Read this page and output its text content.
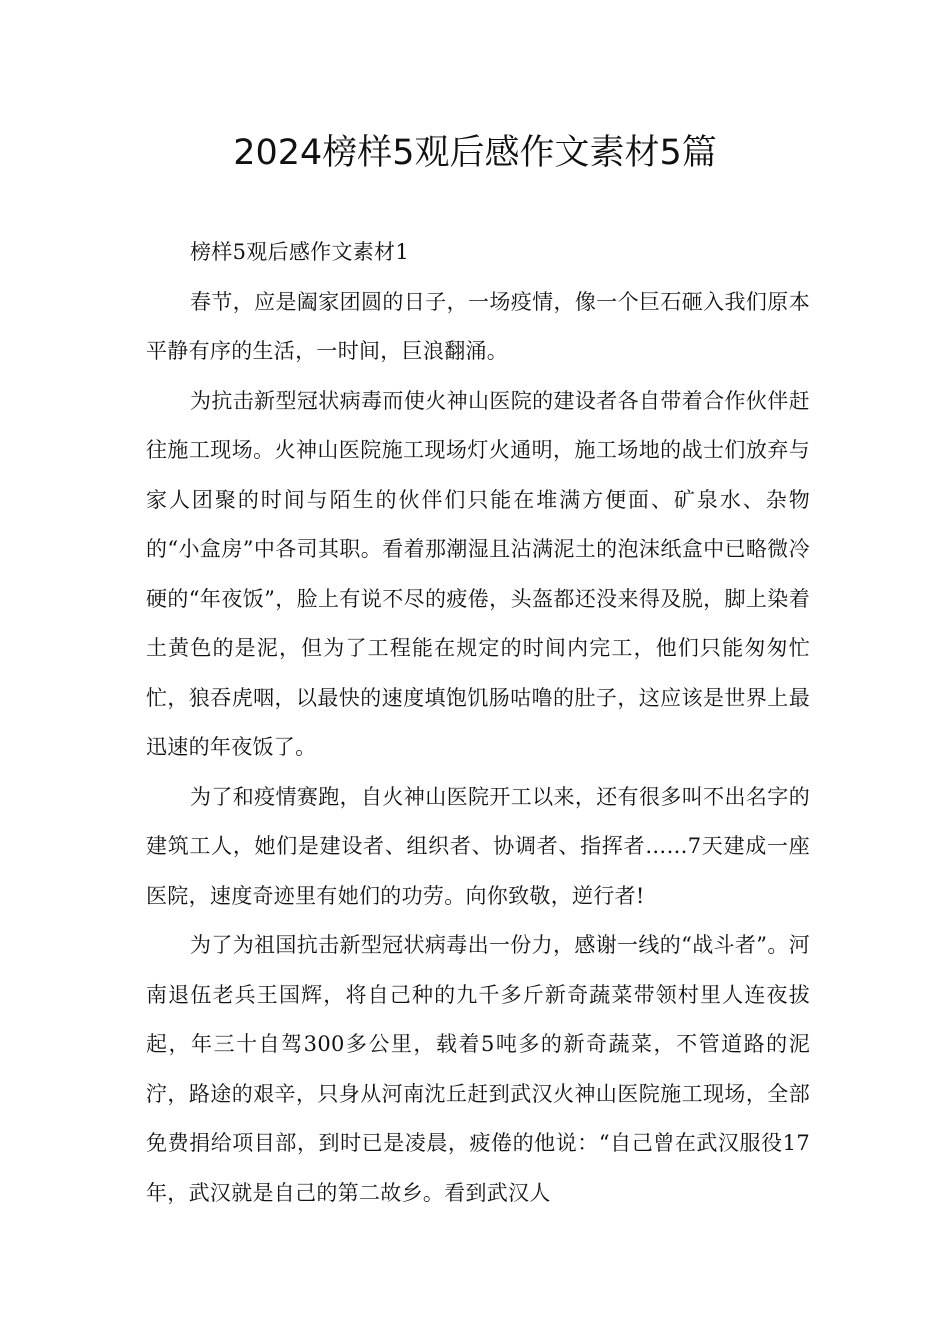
2024榜样5观后感作文素材5篇

榜样5观后感作文素材1

春节，应是阖家团圆的日子，一场疫情，像一个巨石砸入我们原本平静有序的生活，一时间，巨浪翻涌。

为抗击新型冠状病毒而使火神山医院的建设者各自带着合作伙伴赶往施工现场。火神山医院施工现场灯火通明，施工场地的战士们放弃与家人团聚的时间与陌生的伙伴们只能在堆满方便面、矿泉水、杂物的“小盒房”中各司其职。看着那潮湿且沾满泥土的泡沫纸盒中已略微冷硬的“年夜饭”，脸上有说不尽的疲倦，头盔都还没来得及脱，脚上染着土黄色的是泥，但为了工程能在规定的时间内完工，他们只能匆匆忙忙，狼吞虎咽，以最快的速度填饱饥肠咕噜的肚子，这应该是世界上最迅速的年夜饭了。

为了和疫情赛跑，自火神山医院开工以来，还有很多叫不出名字的建筑工人，她们是建设者、组织者、协调者、指挥者……7天建成一座医院，速度奇迹里有她们的功劳。向你致敬，逆行者!

为了为祖国抗击新型冠状病毒出一份力，感谢一线的“战斗者”。河南退伍老兵王国辉，将自己种的九千多斤新奇蔬菜带领村里人连夜拔起，年三十自驾300多公里，载着5吨多的新奇蔬菜，不管道路的泥泞，路途的艰辛，只身从河南沈丘赶到武汉火神山医院施工现场，全部免费捐给项目部，到时已是凌晨，疲倦的他说：“自己曾在武汉服役17年，武汉就是自己的第二故乡。看到武汉人
